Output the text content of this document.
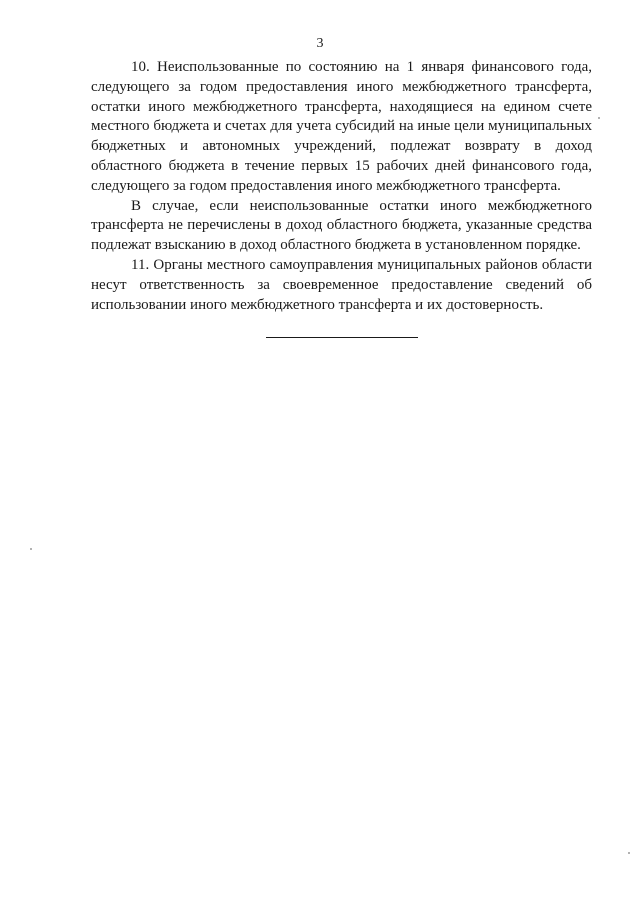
3

10. Неиспользованные по состоянию на 1 января финансового года, следующего за годом предоставления иного межбюджетного трансферта, остатки иного межбюджетного трансферта, находящиеся на едином счете местного бюджета и счетах для учета субсидий на иные цели муниципальных бюджетных и автономных учреждений, подлежат возврату в доход областного бюджета в течение первых 15 рабочих дней финансового года, следующего за годом предоставления иного межбюджетного трансферта.

В случае, если неиспользованные остатки иного межбюджетного трансферта не перечислены в доход областного бюджета, указанные средства подлежат взысканию в доход областного бюджета в установленном порядке.

11. Органы местного самоуправления муниципальных районов области несут ответственность за своевременное предоставление сведений об использовании иного межбюджетного трансферта и их достоверность.
